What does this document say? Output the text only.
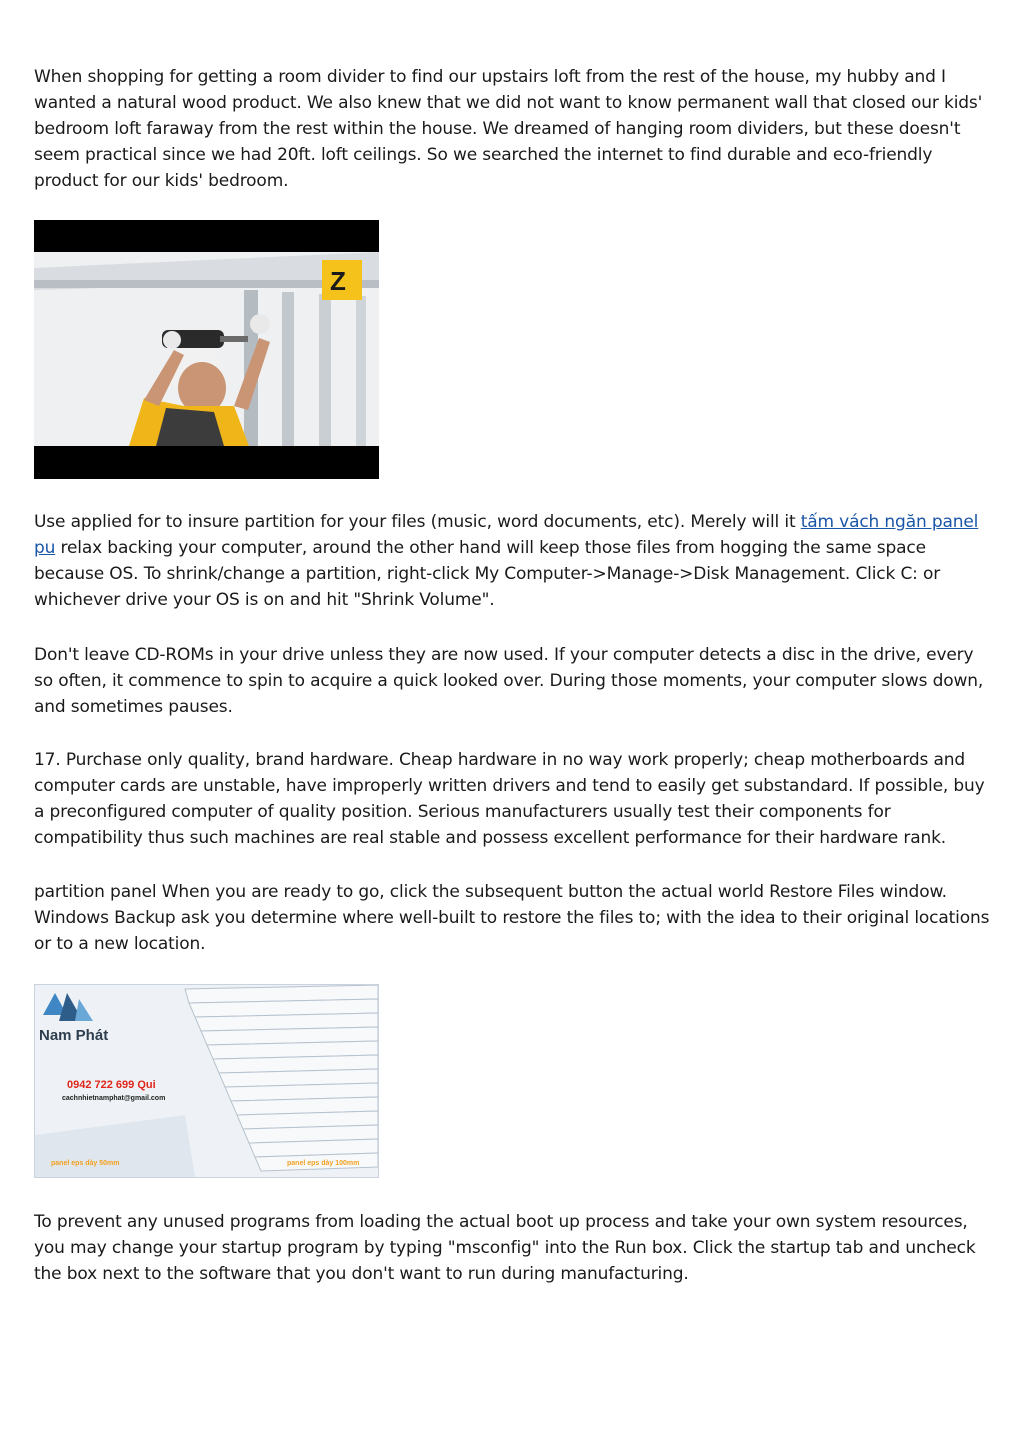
When shopping for getting a room divider to find our upstairs loft from the rest of the house, my hubby and I wanted a natural wood product. We also knew that we did not want to know permanent wall that closed our kids' bedroom loft faraway from the rest within the house. We dreamed of hanging room dividers, but these doesn't seem practical since we had 20ft. loft ceilings. So we searched the internet to find durable and eco-friendly product for our kids' bedroom.

Z

Use applied for to insure partition for your files (music, word documents, etc). Merely will it tấm vách ngăn panel pu relax backing your computer, around the other hand will keep those files from hogging the same space because OS. To shrink/change a partition, right-click My Computer->Manage->Disk Management. Click C: or whichever drive your OS is on and hit "Shrink Volume".

Don't leave CD-ROMs in your drive unless they are now used. If your computer detects a disc in the drive, every so often, it commence to spin to acquire a quick looked over. During those moments, your computer slows down, and sometimes pauses.

17. Purchase only quality, brand hardware. Cheap hardware in no way work properly; cheap motherboards and computer cards are unstable, have improperly written drivers and tend to easily get substandard. If possible, buy a preconfigured computer of quality position. Serious manufacturers usually test their components for compatibility thus such machines are real stable and possess excellent performance for their hardware rank.

partition panel When you are ready to go, click the subsequent button the actual world Restore Files window. Windows Backup ask you determine where well-built to restore the files to; with the idea to their original locations or to a new location.

Nam Phát
0942 722 699 Qui
cachnhietnamphat@gmail.com
panel eps dày 50mm	panel eps dày 100mm

To prevent any unused programs from loading the actual boot up process and take your own system resources, you may change your startup program by typing "msconfig" into the Run box. Click the startup tab and uncheck the box next to the software that you don't want to run during manufacturing.
